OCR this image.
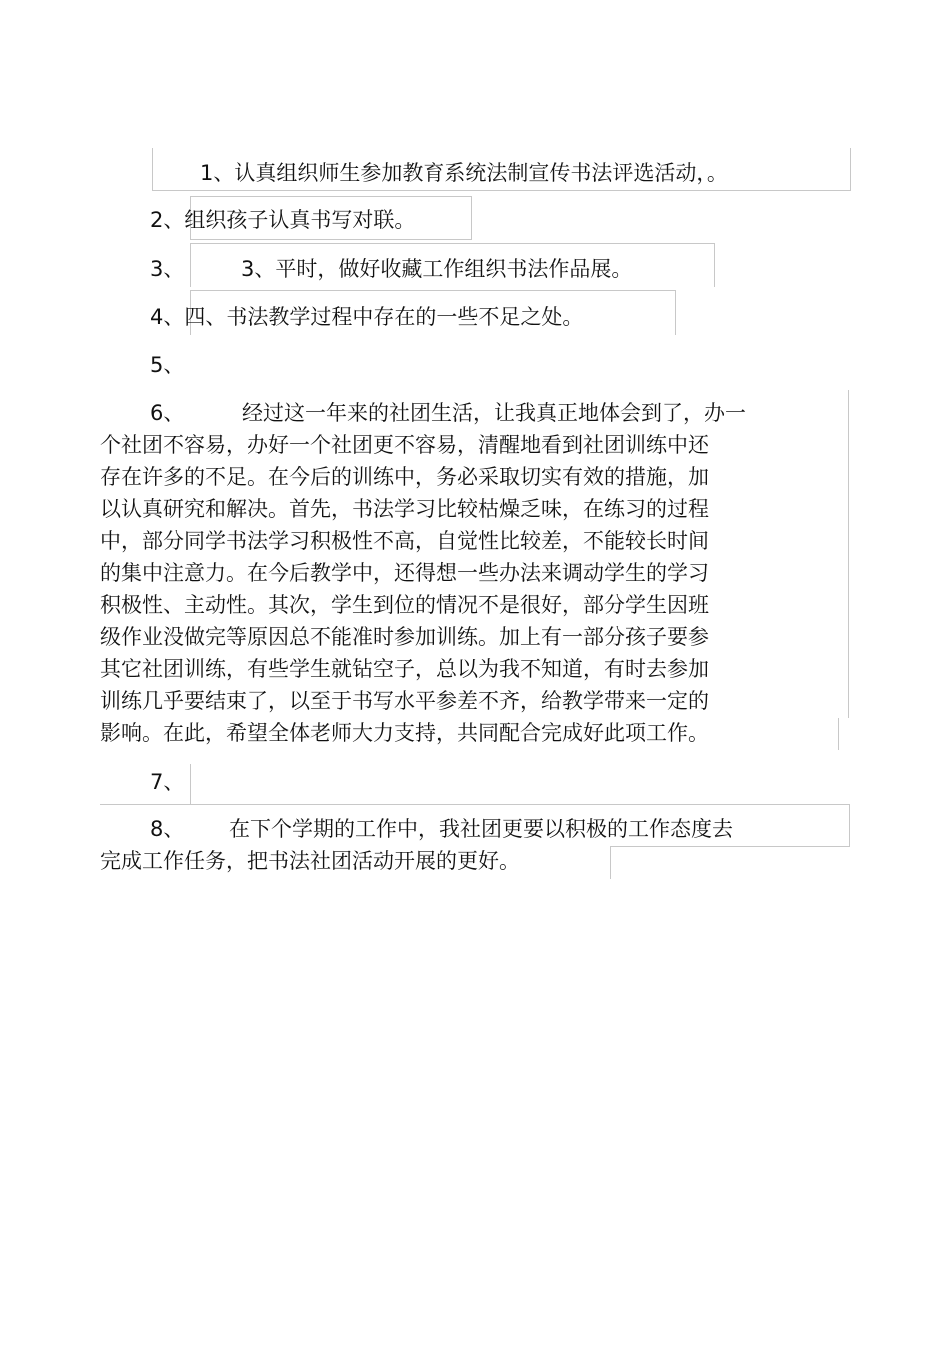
1、认真组织师生参加教育系统法制宣传书法评选活动，。
2、组织孩子认真书写对联。
3、	3、平时，做好收藏工作组织书法作品展。
4、四、书法教学过程中存在的一些不足之处。
5、
6、	经过这一年来的社团生活，让我真正地体会到了，办一
个社团不容易，办好一个社团更不容易，清醒地看到社团训练中还
存在许多的不足。在今后的训练中，务必采取切实有效的措施，加
以认真研究和解决。首先，书法学习比较枯燥乏味，在练习的过程
中，部分同学书法学习积极性不高，自觉性比较差，不能较长时间
的集中注意力。在今后教学中，还得想一些办法来调动学生的学习
积极性、主动性。其次，学生到位的情况不是很好，部分学生因班
级作业没做完等原因总不能准时参加训练。加上有一部分孩子要参
其它社团训练，有些学生就钻空子，总以为我不知道，有时去参加
训练几乎要结束了，以至于书写水平参差不齐，给教学带来一定的
影响。在此，希望全体老师大力支持，共同配合完成好此项工作。
7、
8、	在下个学期的工作中，我社团更要以积极的工作态度去
完成工作任务，把书法社团活动开展的更好。
